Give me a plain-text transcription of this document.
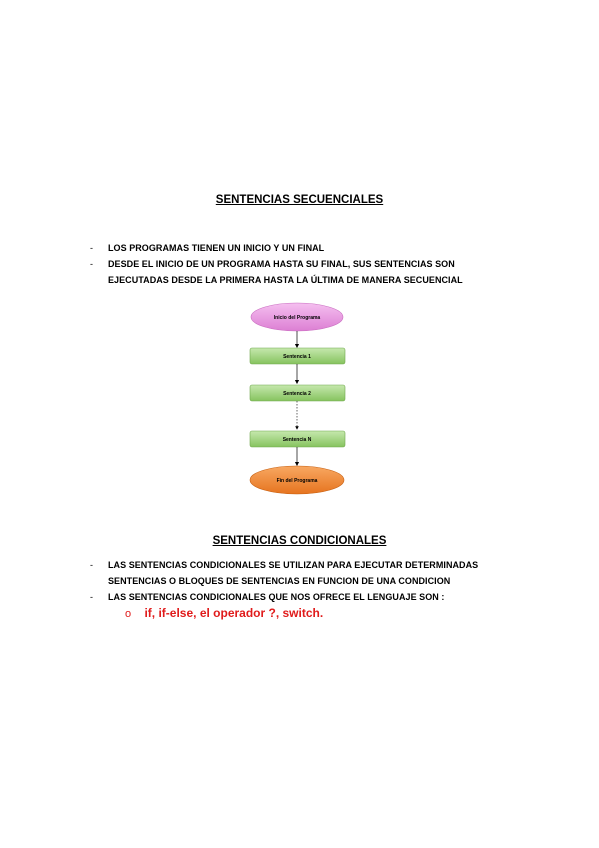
SENTENCIAS SECUENCIALES
- LOS PROGRAMAS TIENEN UN INICIO Y UN FINAL
- DESDE EL INICIO DE UN PROGRAMA HASTA SU FINAL, SUS SENTENCIAS SON EJECUTADAS DESDE LA PRIMERA HASTA LA ÚLTIMA DE MANERA SECUENCIAL
Inicio del Programa
Sentencia 1
Sentencia 2
Sentencia N
Fin del Programa
SENTENCIAS CONDICIONALES
- LAS SENTENCIAS CONDICIONALES SE UTILIZAN PARA EJECUTAR DETERMINADAS SENTENCIAS O BLOQUES DE SENTENCIAS EN FUNCION DE UNA CONDICION
- LAS SENTENCIAS CONDICIONALES QUE NOS OFRECE EL LENGUAJE SON :
o if, if-else, el operador ?, switch.
